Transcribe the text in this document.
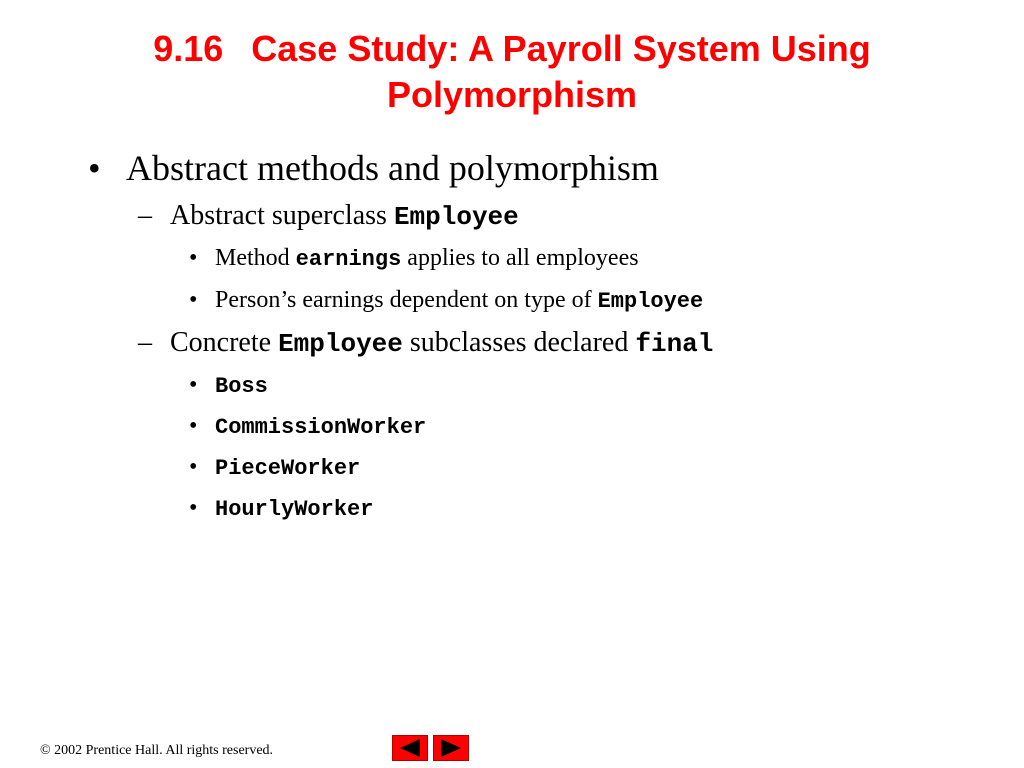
9.16 Case Study: A Payroll System Using
Polymorphism
• Abstract methods and polymorphism
– Abstract superclass Employee
• Method earnings applies to all employees
• Person’s earnings dependent on type of Employee
– Concrete Employee subclasses declared final
• Boss
• CommissionWorker
• PieceWorker
• HourlyWorker
© 2002 Prentice Hall. All rights reserved.
